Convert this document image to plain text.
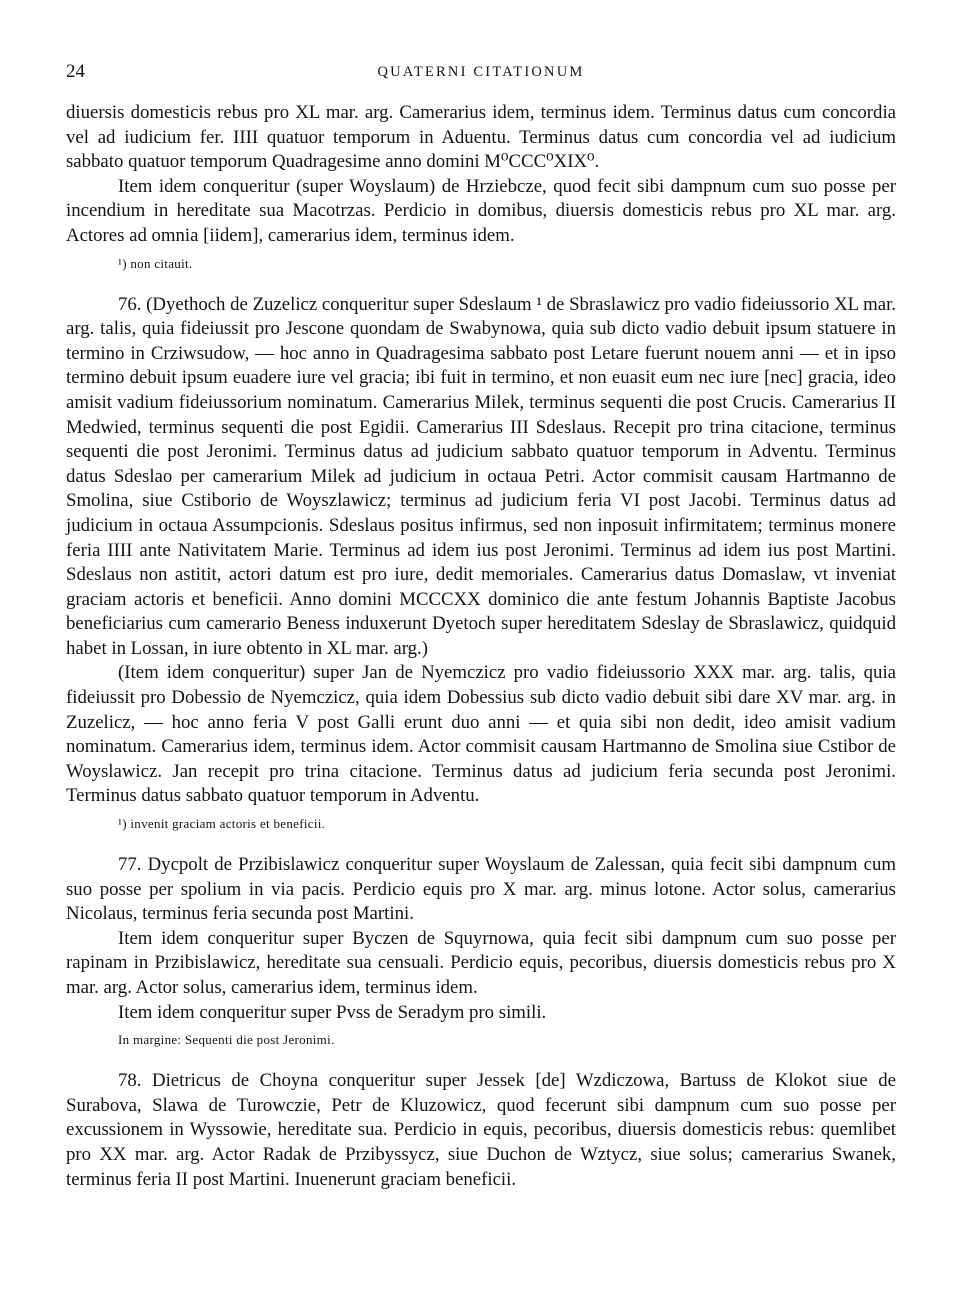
24	QUATERNI CITATIONUM

diuersis domesticis rebus pro XL mar. arg. Camerarius idem, terminus idem. Terminus datus cum concordia vel ad iudicium fer. IIII quatuor temporum in Aduentu. Terminus datus cum concordia vel ad iudicium sabbato quatuor temporum Quadragesime anno domini M⁰CCC⁰XIX⁰.

Item idem conqueritur (super Woyslaum) de Hrziebcze, quod fecit sibi dampnum cum suo posse per incendium in hereditate sua Macotrzas. Perdicio in domibus, diuersis domesticis rebus pro XL mar. arg. Actores ad omnia [iidem], camerarius idem, terminus idem.

¹) non citauit.

76. (Dyethoch de Zuzelicz conqueritur super Sdeslaum ¹ de Sbraslawicz pro vadio fideiussorio XL mar. arg. talis, quia fideiussit pro Jescone quondam de Swabynowa, quia sub dicto vadio debuit ipsum statuere in termino in Crziwsudow, — hoc anno in Quadragesima sabbato post Letare fuerunt nouem anni — et in ipso termino debuit ipsum euadere iure vel gracia; ibi fuit in termino, et non euasit eum nec iure [nec] gracia, ideo amisit vadium fideiussorium nominatum. Camerarius Milek, terminus sequenti die post Crucis. Camerarius II Medwied, terminus sequenti die post Egidii. Camerarius III Sdeslaus. Recepit pro trina citacione, terminus sequenti die post Jeronimi. Terminus datus ad judicium sabbato quatuor temporum in Adventu. Terminus datus Sdeslao per camerarium Milek ad judicium in octaua Petri. Actor commisit causam Hartmanno de Smolina, siue Cstiborio de Woyszlawicz; terminus ad judicium feria VI post Jacobi. Terminus datus ad judicium in octaua Assumpcionis. Sdeslaus positus infirmus, sed non inposuit infirmitatem; terminus monere feria IIII ante Nativitatem Marie. Terminus ad idem ius post Jeronimi. Terminus ad idem ius post Martini. Sdeslaus non astitit, actori datum est pro iure, dedit memoriales. Camerarius datus Domaslaw, vt inveniat graciam actoris et beneficii. Anno domini MCCCXX dominico die ante festum Johannis Baptiste Jacobus beneficiarius cum camerario Beness induxerunt Dyetoch super hereditatem Sdeslay de Sbraslawicz, quidquid habet in Lossan, in iure obtento in XL mar. arg.)

(Item idem conqueritur) super Jan de Nyemczicz pro vadio fideiussorio XXX mar. arg. talis, quia fideiussit pro Dobessio de Nyemczicz, quia idem Dobessius sub dicto vadio debuit sibi dare XV mar. arg. in Zuzelicz, — hoc anno feria V post Galli erunt duo anni — et quia sibi non dedit, ideo amisit vadium nominatum. Camerarius idem, terminus idem. Actor commisit causam Hartmanno de Smolina siue Cstibor de Woyslawicz. Jan recepit pro trina citacione. Terminus datus ad judicium feria secunda post Jeronimi. Terminus datus sabbato quatuor temporum in Adventu.

¹) invenit graciam actoris et beneficii.

77. Dycpolt de Przibislawicz conqueritur super Woyslaum de Zalessan, quia fecit sibi dampnum cum suo posse per spolium in via pacis. Perdicio equis pro X mar. arg. minus lotone. Actor solus, camerarius Nicolaus, terminus feria secunda post Martini.

Item idem conqueritur super Byczen de Squyrnowa, quia fecit sibi dampnum cum suo posse per rapinam in Przibislawicz, hereditate sua censuali. Perdicio equis, pecoribus, diuersis domesticis rebus pro X mar. arg. Actor solus, camerarius idem, terminus idem.

Item idem conqueritur super Pvss de Seradym pro simili.

In margine: Sequenti die post Jeronimi.

78. Dietricus de Choyna conqueritur super Jessek [de] Wzdiczowa, Bartuss de Klokot siue de Surabova, Slawa de Turowczie, Petr de Kluzowicz, quod fecerunt sibi dampnum cum suo posse per excussionem in Wyssowie, hereditate sua. Perdicio in equis, pecoribus, diuersis domesticis rebus: quemlibet pro XX mar. arg. Actor Radak de Przibyssycz, siue Duchon de Wztycz, siue solus; camerarius Swanek, terminus feria II post Martini. Inuenerunt graciam beneficii.
